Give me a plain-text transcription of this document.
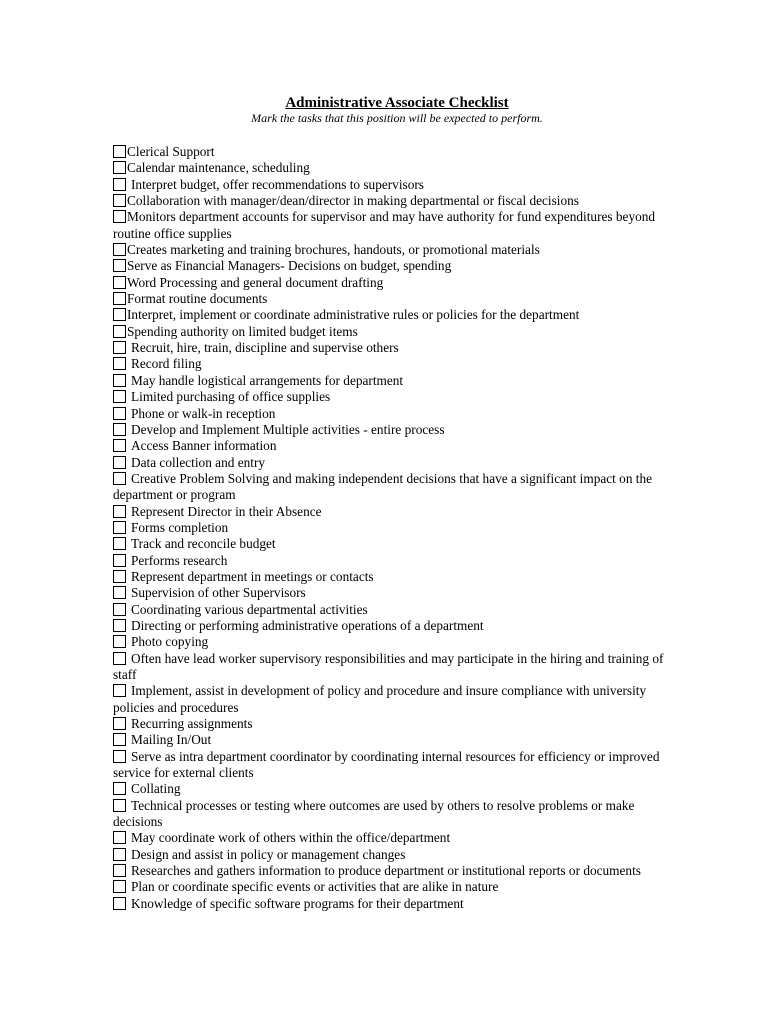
Administrative Associate Checklist
Mark the tasks that this position will be expected to perform.
Clerical Support
Calendar maintenance, scheduling
Interpret budget, offer recommendations to supervisors
Collaboration with manager/dean/director in making departmental or fiscal decisions
Monitors department accounts for supervisor and may have authority for fund expenditures beyond routine office supplies
Creates marketing and training brochures, handouts, or promotional materials
Serve as Financial Managers- Decisions on budget, spending
Word Processing and general document drafting
Format routine documents
Interpret, implement or coordinate administrative rules or policies for the department
Spending authority on limited budget items
Recruit, hire, train, discipline and supervise others
Record filing
May handle logistical arrangements for department
Limited purchasing of office supplies
Phone or walk-in reception
Develop and Implement Multiple activities - entire process
Access Banner information
Data collection and entry
Creative Problem Solving and making independent decisions that have a significant impact on the department or program
Represent Director in their Absence
Forms completion
Track and reconcile budget
Performs research
Represent department in meetings or contacts
Supervision of other Supervisors
Coordinating various departmental activities
Directing or performing administrative operations of a department
Photo copying
Often have lead worker supervisory responsibilities and may participate in the hiring and training of staff
Implement, assist in development of policy and procedure and insure compliance with university policies and procedures
Recurring assignments
Mailing In/Out
Serve as intra department coordinator by coordinating internal resources for efficiency or improved service for external clients
Collating
Technical processes or testing where outcomes are used by others to resolve problems or make decisions
May coordinate work of others within the office/department
Design and assist in policy or management changes
Researches and gathers information to produce department or institutional reports or documents
Plan or coordinate specific events or activities that are alike in nature
Knowledge of specific software programs for their department
